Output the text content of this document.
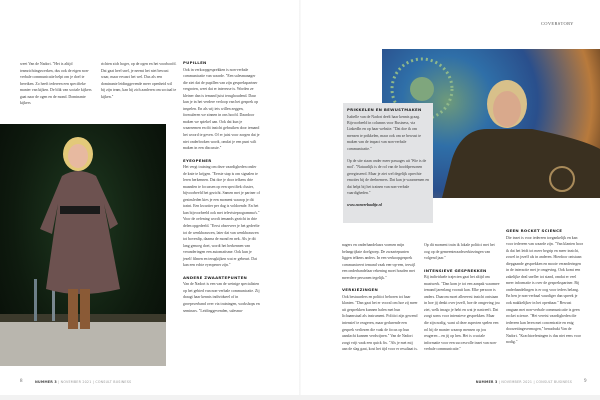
COVERSTORY

weet Van de Nadort. "Het is altijd teamrichtingswerken, dus ook de eigen non-verbale communicatie helpt om je doel te bereiken. Zo heeft iedereen een specifieke manier van kijken. De blik van sociale kijkers gaat naar de ogen en de mond. Dominante kijkers

richten zich hoger, op de ogen en het voorhoofd. Dat gaat heel snel, je neemt het niet bewust waar, maar ervaart het wel. Dus als een dominante leidinggevende meer openheid wil bij zijn team, kan hij zich aanleren om sociaal te kijken."

PUPILLEN

Ook in verkoopgesprekken is non-verbale communicatie van waarde. "Een salesmanager die ziet dat de pupillen van zijn gesprekspartner vergroten, weet dat er interesse is. Worden ze kleiner dan is iemand juist terughoudend. Daar kun je in het verdere verloop van het gesprek op inspelen. En als wij iets willen zeggen, formuleren we zinnen in ons hoofd. Daardoor maken we spiekel aan. Ook dat kun je waarnemen en dit inzicht gebruiken door iemand het woord te geven. Of er juist voor zorgen dat je niet onderbroken wordt, omdat je een punt wilt maken in een discussie."

EYEOPENER

Het vergt training om deze vaardigheden onder de knie te krijgen. "Eerste stap is om signalen te leren herkennen. Dat doe je door telkens drie maanden te focussen op een specifiek cluster, bijvoorbeeld het gezicht. Samen met je partner of gezinsleden kies je een moment waarop je dit traint. Een kwartier per dag is voldoende. En het kan bijvoorbeeld ook met televisieprogramma's." Voor de oefening wordt iemands gezicht in drie delen opgedeeld. "Eerst observeer je het gedeelte tot de wenkbrauwen, later dat van wenkbrauwen tot bovenlip, daarna de mond en nek. Als je dit lang genoeg doet, wordt het herkennen van veranderingen een automatisme. Ook kun je jezelf filmen en terugkijken wat er gebeurt. Dat kan een echte eyeopener zijn."

ANDERE ZWAARTEPUNTEN

Van de Nadort is een van de weinige specialisten op het gebied van non-verbale communicatie. Zij draagt haar kennis individueel of in groepsverband over via trainingen, workshops en seminars. "Leidinggevenden, salesma-

PRIKKELEN EN BEWUSTMAKEN

Isabelle van de Nadort deelt haar kennis graag. Bijvoorbeeld in columns voor Business, via LinkedIn en op haar website. "Dat doe ik om mensen te prikkelen, maar ook om ze bewust te maken van de impact van non-verbale communicatie."

Op de site staan onder meer passages uit 'Wie is de mol'. "Natuurlijk is de rol van de hoofdpersonen geregisseerd. Maar je ziet wel degelijk oprechte emoties bij de deelnemers. Dat kan je waarnemen en dat helpt bij het trainen van non-verbale vaardigheden."

www.nonverbaaltje.nl

nagers en onderhandelaars vormen mijn belangrijkste doelgroep. De zwaartepunten liggen telkens anders. In een verkoopgesprek communiceert iemand vaak een-op-een, terwijl een onderhandelaar rekening moet houden met meerdere personen tegelijk."

VERKIEZINGEN

Ook bestuurders en politici behoren tot haar klanten. "Dan gaat het er vooral om hoe zij meer uit gesprekken kunnen halen met hun lichaamstaal als instrument. Politici zijn gewend intensief te reageren, maar gedurende een gesprek verliezen die vaak de focus op hun aandacht kunnen verdwijnen." Van de Nadort zorgt vrijt vaak een quick fix. "Als je met mij aan de slag gaat, kost het tijd voor er resultaat is.

Op dit moment train ik lokale politici met het oog op de gemeenteraadsverkiezingen van volgend jaar."

INTENSIEVE GESPREKKEN

Bij individuele trajecten gaat het altijd om maatwerk. "Dan kom je tot een aanpak waarmee iemand jarenlang vooruit kan. Elke persoon is anders. Daarom moet allereerst inzicht ontstaan in hoe jij denkt over jezelf, hoe de omgeving jou ziet, welk imago je hebt en wat je nastreeft. Dat zorgt soms voor intensieve gesprekken. Maar die zijn nodig, want al deze aspecten spelen een rol bij de manier waarop mensen op jou reageren – en jij op hen. Het is cruciale informatie voor een succesvolle inzet van non-verbale communicatie."

GEEN ROCKET SCIENCE

Die inzet is voor iedereen toegankelijk en kan voor iedereen van waarde zijn. "Van klanten hoor ik dat het leidt tot meer begrip en meer inzicht, zowel in jezelf als in anderen. Hierdoor ontstaan diepgaande gesprekken en mooie veranderingen in de interactie met je omgeving. Ook komt een zakelijke deal sneller tot stand, omdat er veel meer informatie is over de gesprekspartner. Bij onderhandelingen is er oog voor ieders belang. En ben je non-verbaal vaardiger dan spreek je ook makkelijker in het openbaar." Bewust omgaan met non-verbale communicatie is geen rocket science. "Het vereist vaardigheden die iedereen kan leren met concentratie en enig doorzettingsvermogen," benadrukt Van de Nadort. "Krachtoefeningen is dus niet eens voor nodig."

8	NUMMER 3 | NOVEMBER 2021 | CONSULT BUSINESS	NUMMER 3 | NOVEMBER 2021 | CONSULT BUSINESS 9
